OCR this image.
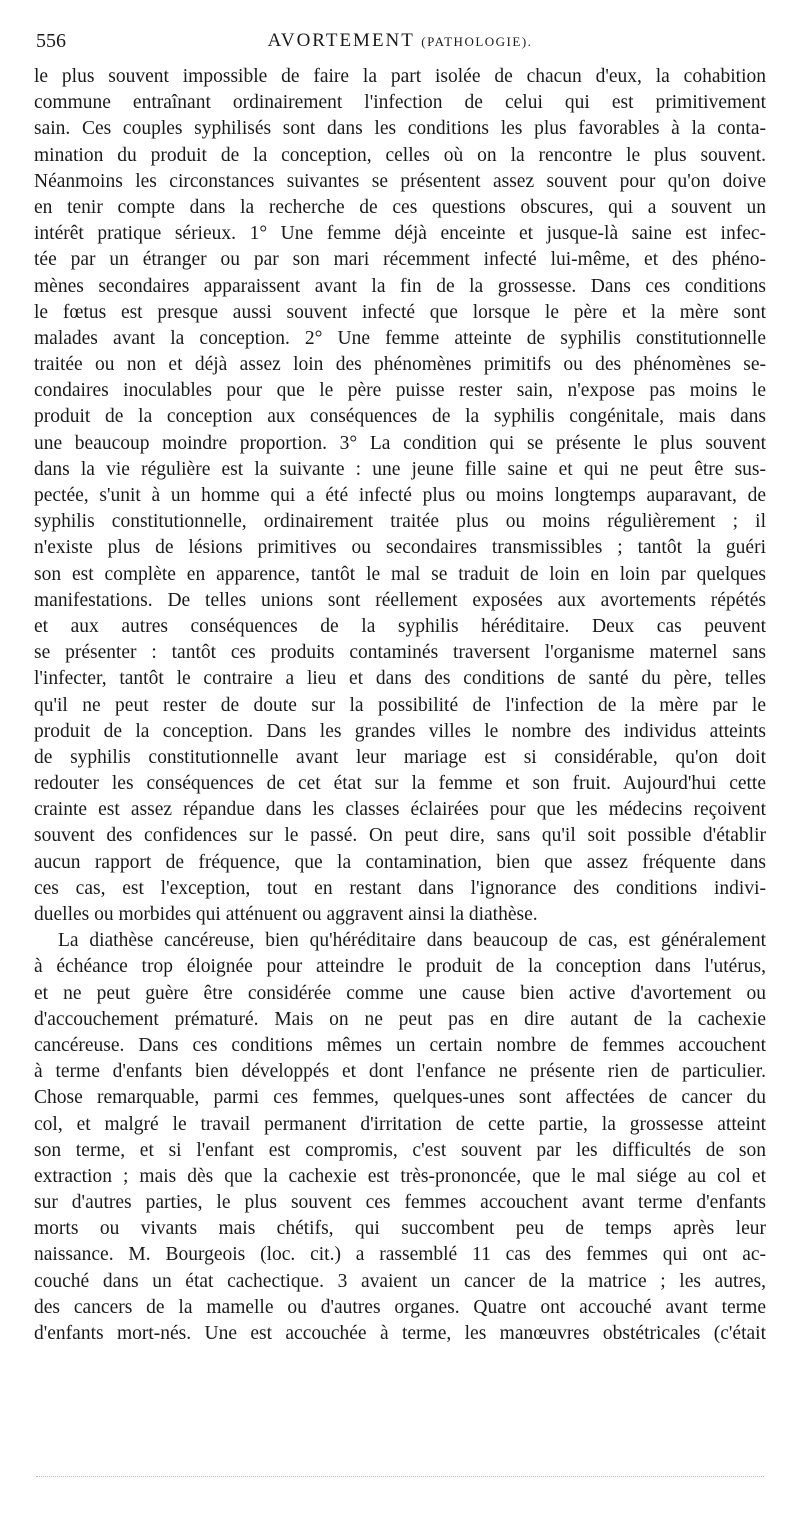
556	AVORTEMENT (PATHOLOGIE).
le plus souvent impossible de faire la part isolée de chacun d'eux, la cohabition
commune entraînant ordinairement l'infection de celui qui est primitivement
sain. Ces couples syphilisés sont dans les conditions les plus favorables à la conta-
mination du produit de la conception, celles où on la rencontre le plus souvent.
Néanmoins les circonstances suivantes se présentent assez souvent pour qu'on doive
en tenir compte dans la recherche de ces questions obscures, qui a souvent un
intérêt pratique sérieux. 1° Une femme déjà enceinte et jusque-là saine est infec-
tée par un étranger ou par son mari récemment infecté lui-même, et des phéno-
mènes secondaires apparaissent avant la fin de la grossesse. Dans ces conditions
le fœtus est presque aussi souvent infecté que lorsque le père et la mère sont
malades avant la conception. 2° Une femme atteinte de syphilis constitutionnelle
traitée ou non et déjà assez loin des phénomènes primitifs ou des phénomènes se-
condaires inoculables pour que le père puisse rester sain, n'expose pas moins le
produit de la conception aux conséquences de la syphilis congénitale, mais dans
une beaucoup moindre proportion. 3° La condition qui se présente le plus souvent
dans la vie régulière est la suivante : une jeune fille saine et qui ne peut être sus-
pectée, s'unit à un homme qui a été infecté plus ou moins longtemps auparavant, de
syphilis constitutionnelle, ordinairement traitée plus ou moins régulièrement ; il
n'existe plus de lésions primitives ou secondaires transmissibles ; tantôt la guéri
son est complète en apparence, tantôt le mal se traduit de loin en loin par quelques
manifestations. De telles unions sont réellement exposées aux avortements répétés
et aux autres conséquences de la syphilis héréditaire. Deux cas peuvent
se présenter : tantôt ces produits contaminés traversent l'organisme maternel sans
l'infecter, tantôt le contraire a lieu et dans des conditions de santé du père, telles
qu'il ne peut rester de doute sur la possibilité de l'infection de la mère par le
produit de la conception. Dans les grandes villes le nombre des individus atteints
de syphilis constitutionnelle avant leur mariage est si considérable, qu'on doit
redouter les conséquences de cet état sur la femme et son fruit. Aujourd'hui cette
crainte est assez répandue dans les classes éclairées pour que les médecins reçoivent
souvent des confidences sur le passé. On peut dire, sans qu'il soit possible d'établir
aucun rapport de fréquence, que la contamination, bien que assez fréquente dans
ces cas, est l'exception, tout en restant dans l'ignorance des conditions indivi-
duelles ou morbides qui atténuent ou aggravent ainsi la diathèse.
La diathèse cancéreuse, bien qu'héréditaire dans beaucoup de cas, est généralement
à échéance trop éloignée pour atteindre le produit de la conception dans l'utérus,
et ne peut guère être considérée comme une cause bien active d'avortement ou
d'accouchement prématuré. Mais on ne peut pas en dire autant de la cachexie
cancéreuse. Dans ces conditions mêmes un certain nombre de femmes accouchent
à terme d'enfants bien développés et dont l'enfance ne présente rien de particulier.
Chose remarquable, parmi ces femmes, quelques-unes sont affectées de cancer du
col, et malgré le travail permanent d'irritation de cette partie, la grossesse atteint
son terme, et si l'enfant est compromis, c'est souvent par les difficultés de son
extraction ; mais dès que la cachexie est très-prononcée, que le mal siége au col et
sur d'autres parties, le plus souvent ces femmes accouchent avant terme d'enfants
morts ou vivants mais chétifs, qui succombent peu de temps après leur
naissance. M. Bourgeois (loc. cit.) a rassemblé 11 cas des femmes qui ont ac-
couché dans un état cachectique. 3 avaient un cancer de la matrice ; les autres,
des cancers de la mamelle ou d'autres organes. Quatre ont accouché avant terme
d'enfants mort-nés. Une est accouchée à terme, les manœuvres obstétricales (c'était
